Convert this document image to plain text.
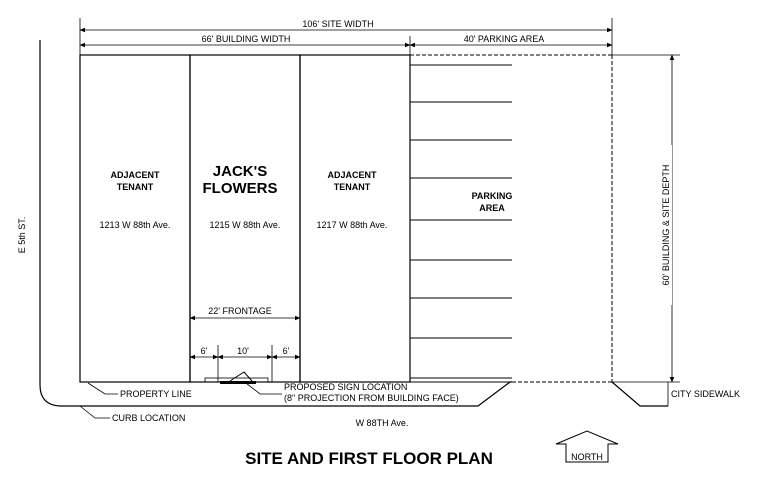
106' SITE WIDTH
66' BUILDING WIDTH	40' PARKING AREA
60' BUILDING & SITE DEPTH
E 5th ST.
ADJACENT
TENANT
1213 W 88th Ave.
JACK'S
FLOWERS
1215 W 88th Ave.
ADJACENT
TENANT
1217 W 88th Ave.
PARKING
AREA
22' FRONTAGE
6'	10'	6'
PROPERTY LINE
CURB LOCATION
PROPOSED SIGN LOCATION
(8" PROJECTION FROM BUILDING FACE)	CITY SIDEWALK
W 88TH Ave.
SITE AND FIRST FLOOR PLAN	NORTH
